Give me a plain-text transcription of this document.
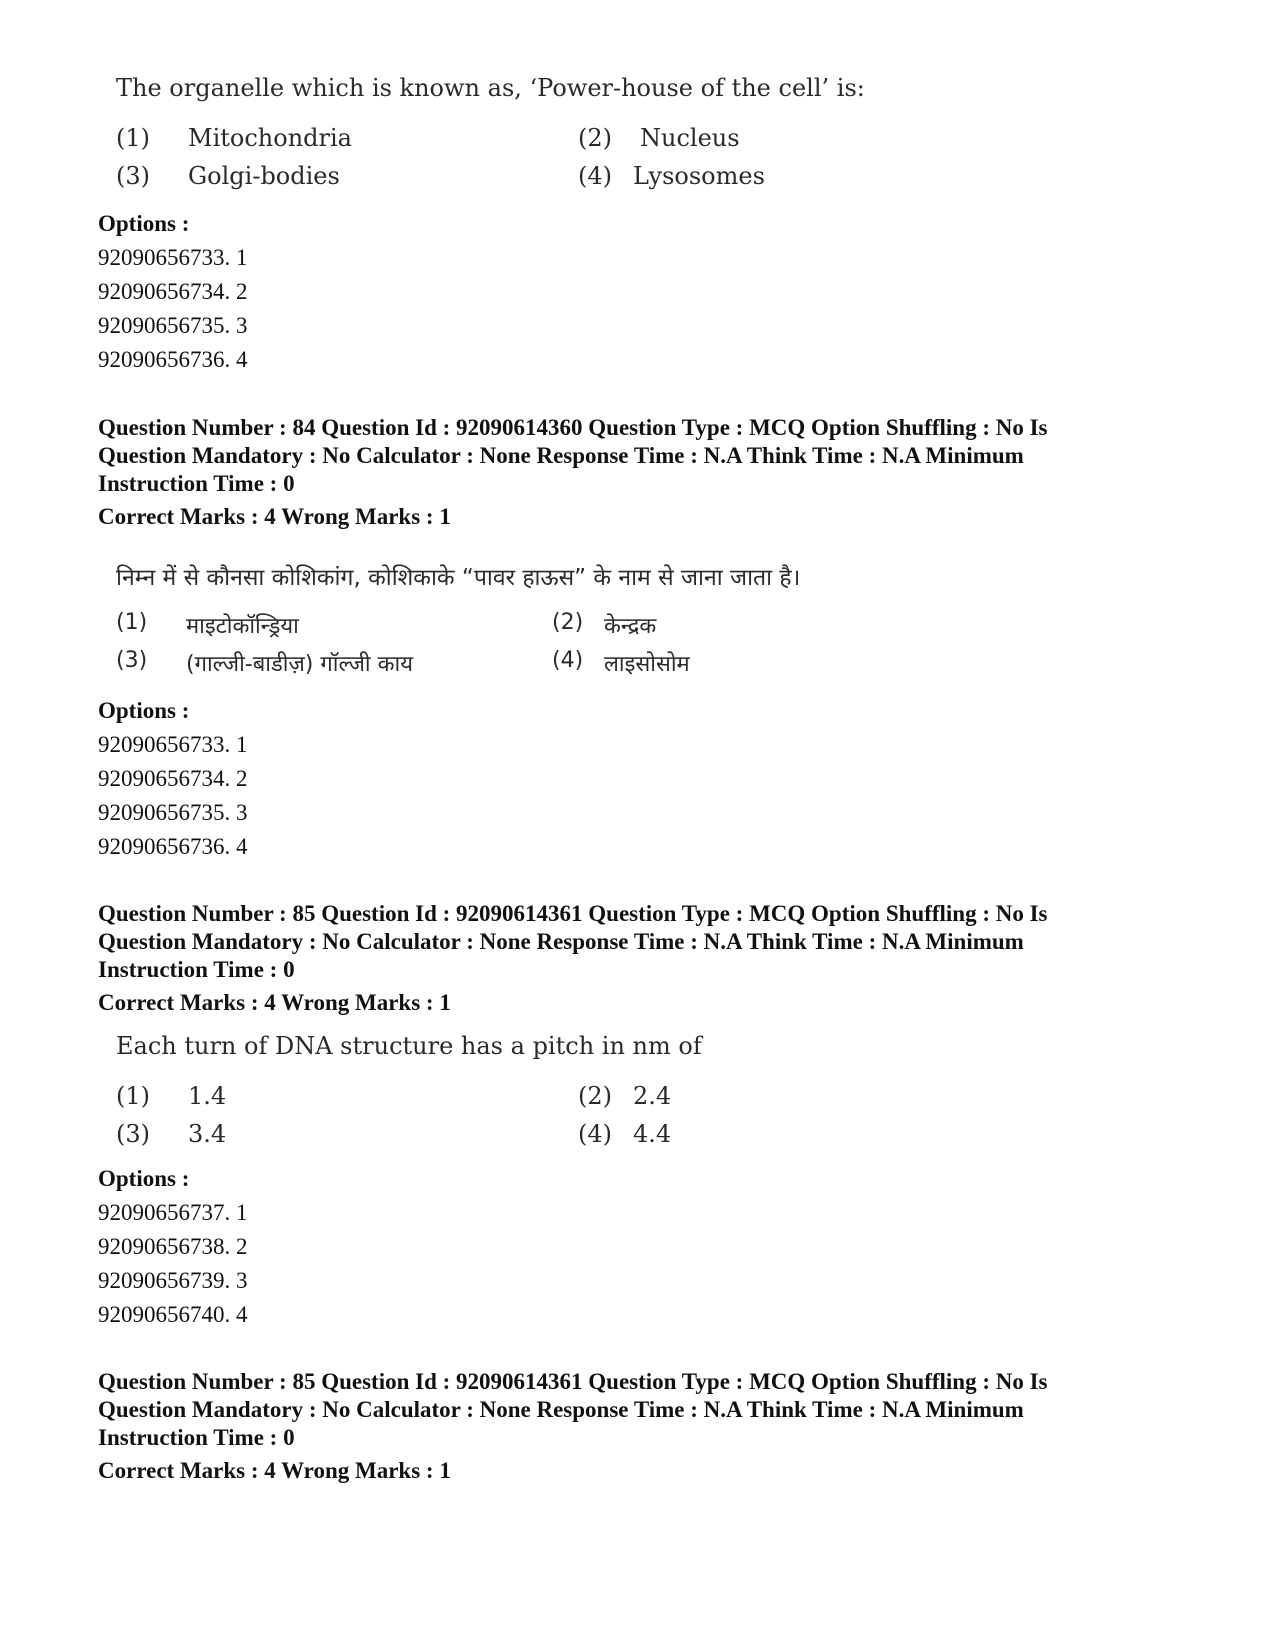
The organelle which is known as, ‘Power-house of the cell’ is:
(1) Mitochondria	(2) Nucleus
(3) Golgi-bodies	(4) Lysosomes
Options :
92090656733. 1
92090656734. 2
92090656735. 3
92090656736. 4
Question Number : 84 Question Id : 92090614360 Question Type : MCQ Option Shuffling : No Is
Question Mandatory : No Calculator : None Response Time : N.A Think Time : N.A Minimum
Instruction Time : 0
Correct Marks : 4 Wrong Marks : 1
निम्न में से कौनसा कोशिकांग, कोशिकाके “पावर हाऊस” के नाम से जाना जाता है।
(1) माइटोकॉन्ड्रिया	(2) केन्द्रक
(3) (गाल्जी-बाडीज़) गॉल्जी काय	(4) लाइसोसोम
Options :
92090656733. 1
92090656734. 2
92090656735. 3
92090656736. 4
Question Number : 85 Question Id : 92090614361 Question Type : MCQ Option Shuffling : No Is
Question Mandatory : No Calculator : None Response Time : N.A Think Time : N.A Minimum
Instruction Time : 0
Correct Marks : 4 Wrong Marks : 1
Each turn of DNA structure has a pitch in nm of
(1) 1.4	(2) 2.4
(3) 3.4	(4) 4.4
Options :
92090656737. 1
92090656738. 2
92090656739. 3
92090656740. 4
Question Number : 85 Question Id : 92090614361 Question Type : MCQ Option Shuffling : No Is
Question Mandatory : No Calculator : None Response Time : N.A Think Time : N.A Minimum
Instruction Time : 0
Correct Marks : 4 Wrong Marks : 1
